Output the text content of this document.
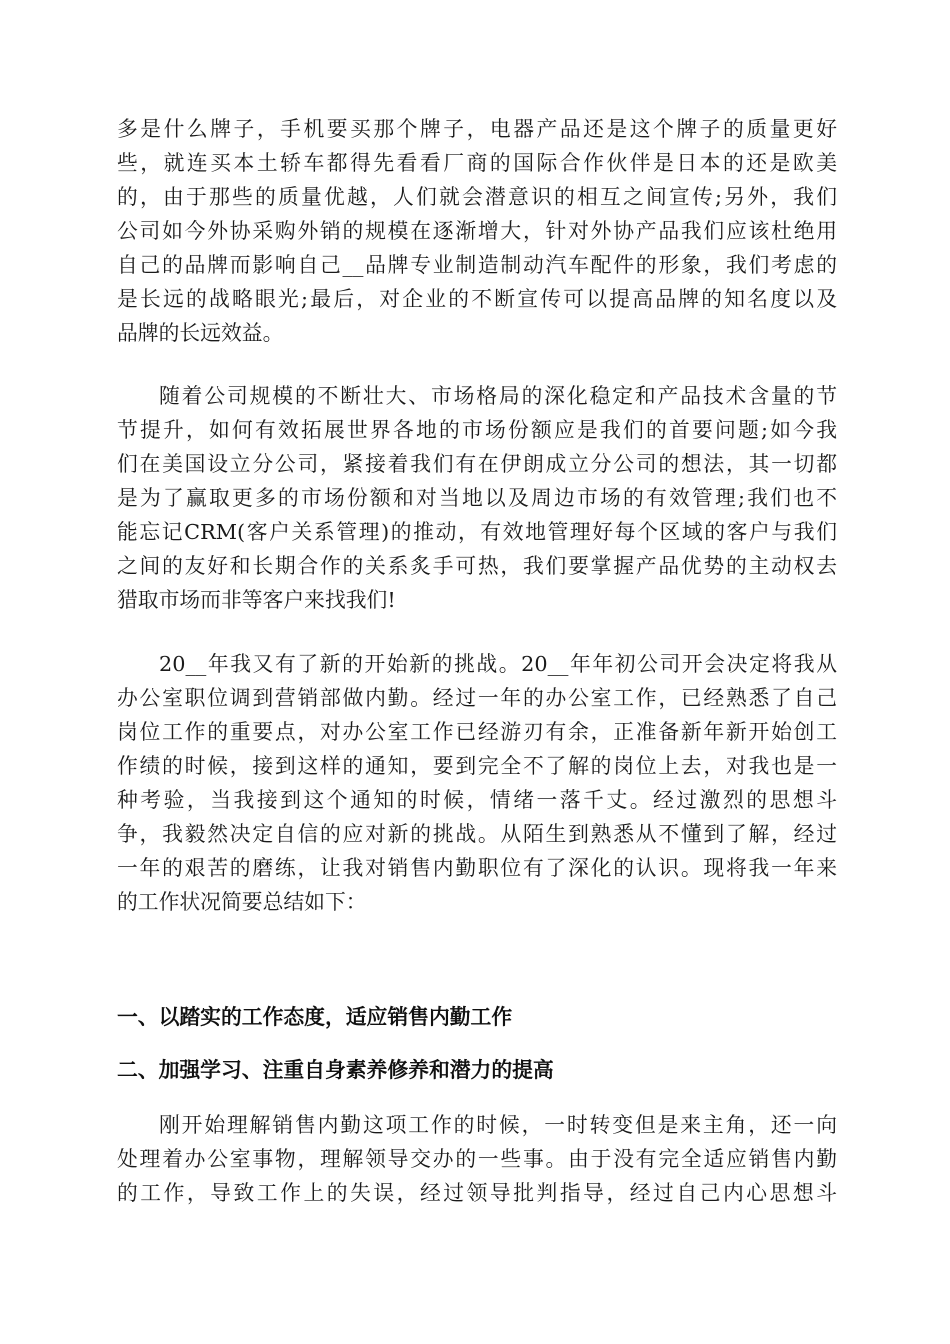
多是什么牌子，手机要买那个牌子，电器产品还是这个牌子的质量更好
些，就连买本土轿车都得先看看厂商的国际合作伙伴是日本的还是欧美
的，由于那些的质量优越，人们就会潜意识的相互之间宣传;另外，我们
公司如今外协采购外销的规模在逐渐增大，针对外协产品我们应该杜绝用
自己的品牌而影响自己__品牌专业制造制动汽车配件的形象，我们考虑的
是长远的战略眼光;最后，对企业的不断宣传可以提高品牌的知名度以及
品牌的长远效益。
随着公司规模的不断壮大、市场格局的深化稳定和产品技术含量的节
节提升，如何有效拓展世界各地的市场份额应是我们的首要问题;如今我
们在美国设立分公司，紧接着我们有在伊朗成立分公司的想法，其一切都
是为了赢取更多的市场份额和对当地以及周边市场的有效管理;我们也不
能忘记CRM(客户关系管理)的推动，有效地管理好每个区域的客户与我们
之间的友好和长期合作的关系炙手可热，我们要掌握产品优势的主动权去
猎取市场而非等客户来找我们!
20__年我又有了新的开始新的挑战。20__年年初公司开会决定将我从
办公室职位调到营销部做内勤。经过一年的办公室工作，已经熟悉了自己
岗位工作的重要点，对办公室工作已经游刃有余，正准备新年新开始创工
作绩的时候，接到这样的通知，要到完全不了解的岗位上去，对我也是一
种考验，当我接到这个通知的时候，情绪一落千丈。经过激烈的思想斗
争，我毅然决定自信的应对新的挑战。从陌生到熟悉从不懂到了解，经过
一年的艰苦的磨练，让我对销售内勤职位有了深化的认识。现将我一年来
的工作状况简要总结如下：
一、以踏实的工作态度，适应销售内勤工作
二、加强学习、注重自身素养修养和潜力的提高
刚开始理解销售内勤这项工作的时候，一时转变但是来主角，还一向
处理着办公室事物，理解领导交办的一些事。由于没有完全适应销售内勤
的工作，导致工作上的失误，经过领导批判指导，经过自己内心思想斗
